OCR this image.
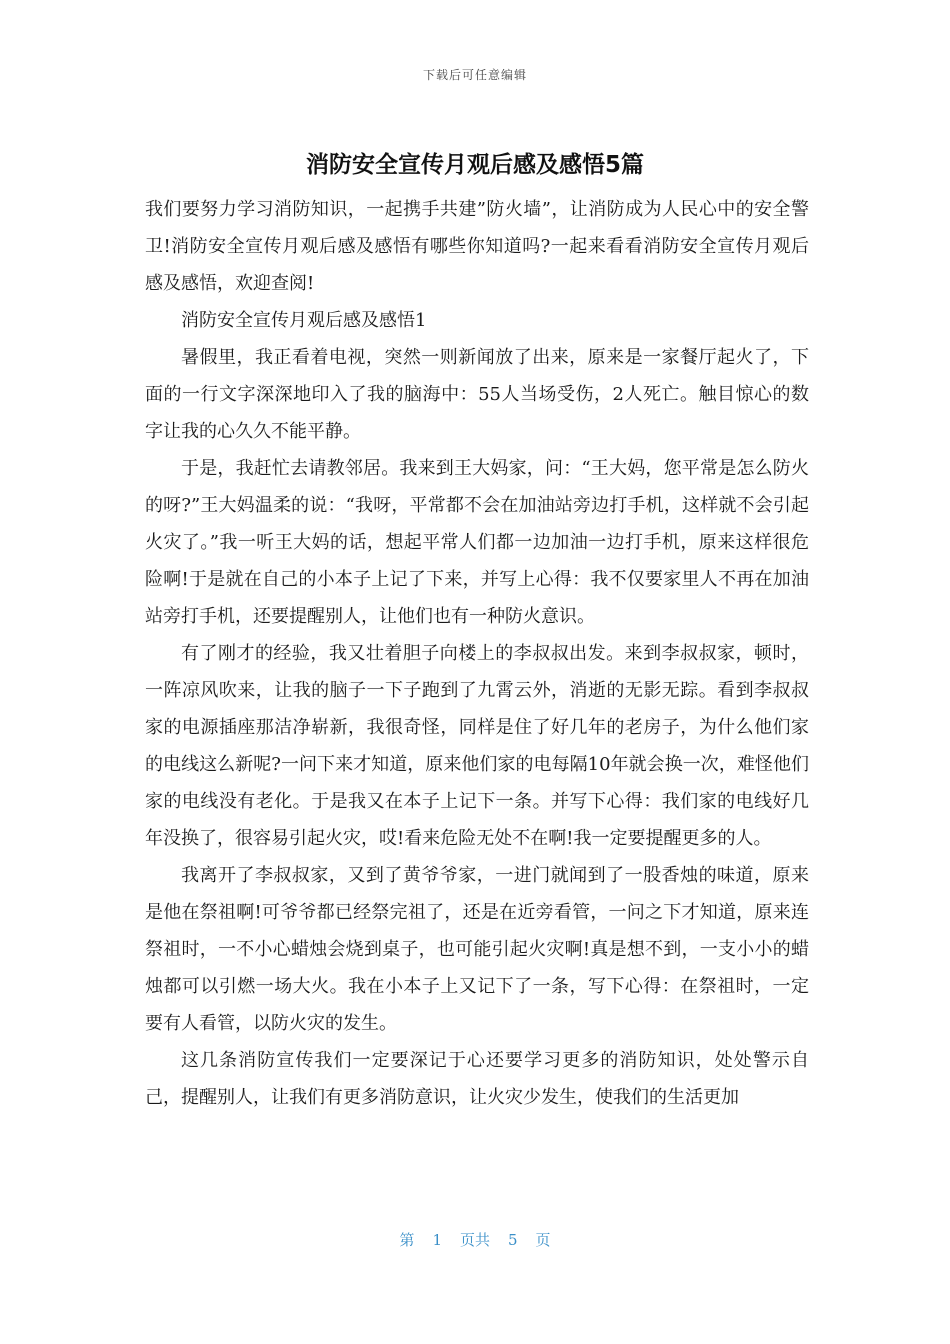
下载后可任意编辑
消防安全宣传月观后感及感悟5篇

我们要努力学习消防知识，一起携手共建”防火墙”，让消防成为人民心中的安全警卫!消防安全宣传月观后感及感悟有哪些你知道吗?一起来看看消防安全宣传月观后感及感悟，欢迎查阅!

消防安全宣传月观后感及感悟1

暑假里，我正看着电视，突然一则新闻放了出来，原来是一家餐厅起火了，下面的一行文字深深地印入了我的脑海中：55人当场受伤，2人死亡。触目惊心的数字让我的心久久不能平静。

于是，我赶忙去请教邻居。我来到王大妈家，问：“王大妈，您平常是怎么防火的呀?”王大妈温柔的说：“我呀，平常都不会在加油站旁边打手机，这样就不会引起火灾了。”我一听王大妈的话，想起平常人们都一边加油一边打手机，原来这样很危险啊!于是就在自己的小本子上记了下来，并写上心得：我不仅要家里人不再在加油站旁打手机，还要提醒别人，让他们也有一种防火意识。

有了刚才的经验，我又壮着胆子向楼上的李叔叔出发。来到李叔叔家，顿时，一阵凉风吹来，让我的脑子一下子跑到了九霄云外，消逝的无影无踪。看到李叔叔家的电源插座那洁净崭新，我很奇怪，同样是住了好几年的老房子，为什么他们家的电线这么新呢?一问下来才知道，原来他们家的电每隔10年就会换一次，难怪他们家的电线没有老化。于是我又在本子上记下一条。并写下心得：我们家的电线好几年没换了，很容易引起火灾，哎!看来危险无处不在啊!我一定要提醒更多的人。

我离开了李叔叔家，又到了黄爷爷家，一进门就闻到了一股香烛的味道，原来是他在祭祖啊!可爷爷都已经祭完祖了，还是在近旁看管，一问之下才知道，原来连祭祖时，一不小心蜡烛会烧到桌子，也可能引起火灾啊!真是想不到，一支小小的蜡烛都可以引燃一场大火。我在小本子上又记下了一条，写下心得：在祭祖时，一定要有人看管，以防火灾的发生。

这几条消防宣传我们一定要深记于心还要学习更多的消防知识，处处警示自己，提醒别人，让我们有更多消防意识，让火灾少发生，使我们的生活更加

第 1 页共 5 页
